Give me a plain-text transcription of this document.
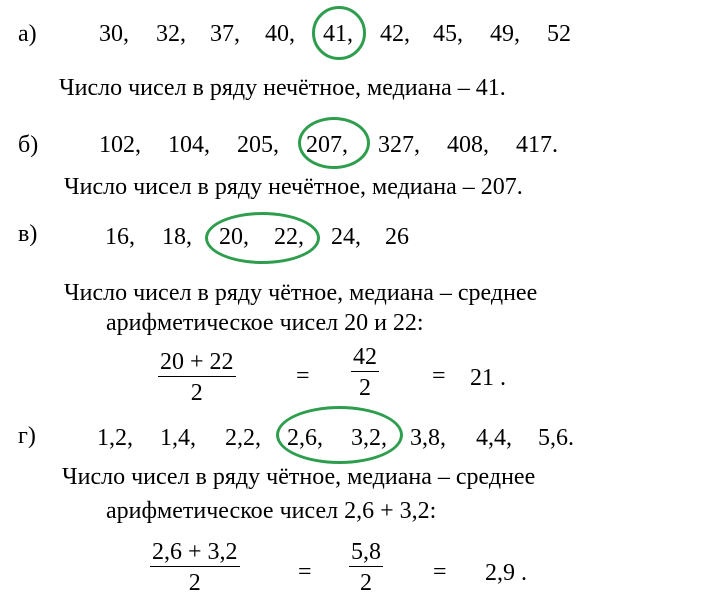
а)	30, 32, 37, 40, 41, 42, 45, 49, 52
Число чисел в ряду нечётное, медиана – 41.
б)	102, 104, 205, 207, 327, 408, 417.
Число чисел в ряду нечётное, медиана – 207.
в)	16, 18, 20, 22, 24, 26
Число чисел в ряду чётное, медиана – среднее
арифметическое чисел 20 и 22:
$\frac{20 + 22}{2}$	= $\frac{42}{2} = 21$ .
г)	1,2, 1,4, 2,2, 2,6, 3,2, 3,8, 4,4, 5,6.
Число чисел в ряду чётное, медиана – среднее
арифметическое чисел 2,6 + 3,2:
$\frac{2,6 + 3,2}{2} = \frac{5,8}{2} = 2,9$ .
